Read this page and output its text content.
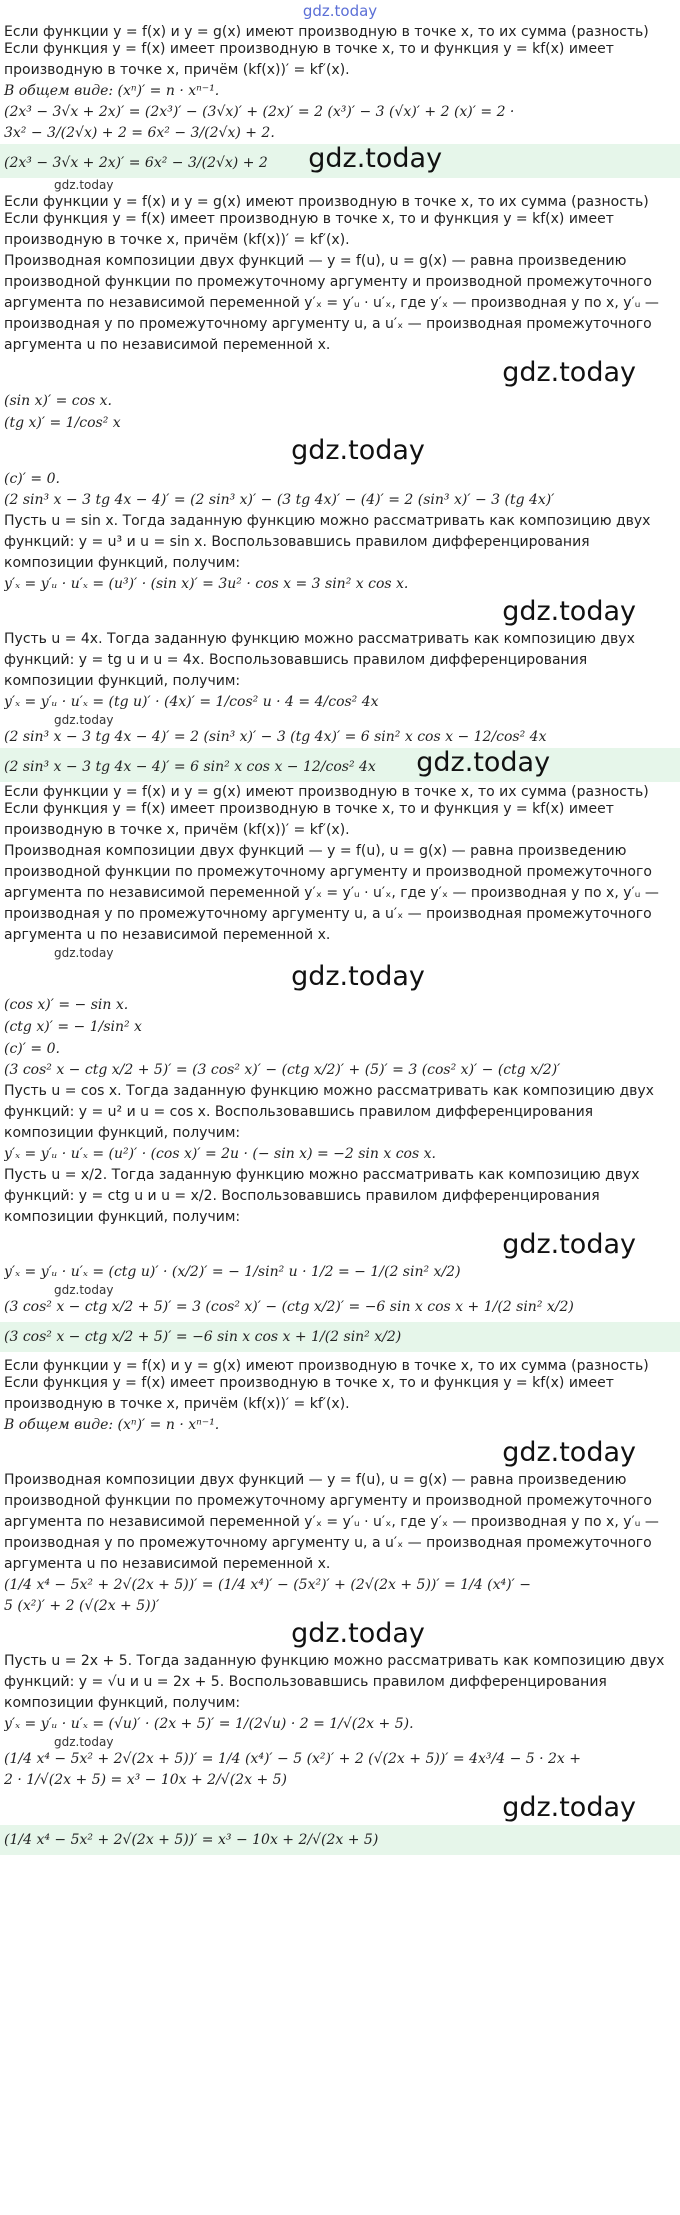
gdz.today

Если функции y = f(x) и y = g(x) имеют производную в точке x, то их сумма (разность)

Если функция y = f(x) имеет производную в точке x, то и функция y = kf(x) имеет производную в точке x, причём (kf(x))′ = kf′(x).

В общем виде: (xⁿ)′ = n · xⁿ⁻¹.

(2x³ − 3√x + 2x)′ = (2x³)′ − (3√x)′ + (2x)′ = 2 (x³)′ − 3 (√x)′ + 2 (x)′ = 2 ·

3x² − 3/(2√x) + 2 = 6x² − 3/(2√x) + 2.

(2x³ − 3√x + 2x)′ = 6x² − 3/(2√x) + 2 gdz.today
gdz.today

Если функции y = f(x) и y = g(x) имеют производную в точке x, то их сумма (разность)

Если функция y = f(x) имеет производную в точке x, то и функция y = kf(x) имеет производную в точке x, причём (kf(x))′ = kf′(x).

Производная композиции двух функций — y = f(u), u = g(x) — равна произведению производной функции по промежуточному аргументу и производной промежуточного аргумента по независимой переменной y′ₓ = y′ᵤ · u′ₓ, где y′ₓ — производная y по x, y′ᵤ — производная y по промежуточному аргументу u, а u′ₓ — производная промежуточного аргумента u по независимой переменной x.

gdz.today

(sin x)′ = cos x.

(tg x)′ = 1/cos² x

gdz.today

(c)′ = 0.

(2 sin³ x − 3 tg 4x − 4)′ = (2 sin³ x)′ − (3 tg 4x)′ − (4)′ = 2 (sin³ x)′ − 3 (tg 4x)′

Пусть u = sin x. Тогда заданную функцию можно рассматривать как композицию двух функций: y = u³ и u = sin x. Воспользовавшись правилом дифференцирования композиции функций, получим:

y′ₓ = y′ᵤ · u′ₓ = (u³)′ · (sin x)′ = 3u² · cos x = 3 sin² x cos x.

gdz.today

Пусть u = 4x. Тогда заданную функцию можно рассматривать как композицию двух функций: y = tg u и u = 4x. Воспользовавшись правилом дифференцирования композиции функций, получим:

y′ₓ = y′ᵤ · u′ₓ = (tg u)′ · (4x)′ = 1/cos² u · 4 = 4/cos² 4x

gdz.today

(2 sin³ x − 3 tg 4x − 4)′ = 2 (sin³ x)′ − 3 (tg 4x)′ = 6 sin² x cos x − 12/cos² 4x

(2 sin³ x − 3 tg 4x − 4)′ = 6 sin² x cos x − 12/cos² 4x gdz.today

Если функции y = f(x) и y = g(x) имеют производную в точке x, то их сумма (разность)

Если функция y = f(x) имеет производную в точке x, то и функция y = kf(x) имеет производную в точке x, причём (kf(x))′ = kf′(x).

Производная композиции двух функций — y = f(u), u = g(x) — равна произведению производной функции по промежуточному аргументу и производной промежуточного аргумента по независимой переменной y′ₓ = y′ᵤ · u′ₓ, где y′ₓ — производная y по x, y′ᵤ — производная y по промежуточному аргументу u, а u′ₓ — производная промежуточного аргумента u по независимой переменной x.

gdz.today
gdz.today

(cos x)′ = − sin x.

(ctg x)′ = − 1/sin² x

(c)′ = 0.

(3 cos² x − ctg x/2 + 5)′ = (3 cos² x)′ − (ctg x/2)′ + (5)′ = 3 (cos² x)′ − (ctg x/2)′

Пусть u = cos x. Тогда заданную функцию можно рассматривать как композицию двух функций: y = u² и u = cos x. Воспользовавшись правилом дифференцирования композиции функций, получим:

y′ₓ = y′ᵤ · u′ₓ = (u²)′ · (cos x)′ = 2u · (− sin x) = −2 sin x cos x.

Пусть u = x/2. Тогда заданную функцию можно рассматривать как композицию двух функций: y = ctg u и u = x/2. Воспользовавшись правилом дифференцирования композиции функций, получим:

gdz.today

y′ₓ = y′ᵤ · u′ₓ = (ctg u)′ · (x/2)′ = − 1/sin² u · 1/2 = − 1/(2 sin² x/2)

gdz.today

(3 cos² x − ctg x/2 + 5)′ = 3 (cos² x)′ − (ctg x/2)′ = −6 sin x cos x + 1/(2 sin² x/2)

(3 cos² x − ctg x/2 + 5)′ = −6 sin x cos x + 1/(2 sin² x/2)

Если функции y = f(x) и y = g(x) имеют производную в точке x, то их сумма (разность)

Если функция y = f(x) имеет производную в точке x, то и функция y = kf(x) имеет производную в точке x, причём (kf(x))′ = kf′(x).

В общем виде: (xⁿ)′ = n · xⁿ⁻¹.

gdz.today

Производная композиции двух функций — y = f(u), u = g(x) — равна произведению производной функции по промежуточному аргументу и производной промежуточного аргумента по независимой переменной y′ₓ = y′ᵤ · u′ₓ, где y′ₓ — производная y по x, y′ᵤ — производная y по промежуточному аргументу u, а u′ₓ — производная промежуточного аргумента u по независимой переменной x.

(1/4 x⁴ − 5x² + 2√(2x + 5))′ = (1/4 x⁴)′ − (5x²)′ + (2√(2x + 5))′ = 1/4 (x⁴)′ −

5 (x²)′ + 2 (√(2x + 5))′

gdz.today

Пусть u = 2x + 5. Тогда заданную функцию можно рассматривать как композицию двух функций: y = √u и u = 2x + 5. Воспользовавшись правилом дифференцирования композиции функций, получим:

y′ₓ = y′ᵤ · u′ₓ = (√u)′ · (2x + 5)′ = 1/(2√u) · 2 = 1/√(2x + 5).

gdz.today

(1/4 x⁴ − 5x² + 2√(2x + 5))′ = 1/4 (x⁴)′ − 5 (x²)′ + 2 (√(2x + 5))′ = 4x³/4 − 5 · 2x +

2 · 1/√(2x + 5) = x³ − 10x + 2/√(2x + 5)

gdz.today
(1/4 x⁴ − 5x² + 2√(2x + 5))′ = x³ − 10x + 2/√(2x + 5)
